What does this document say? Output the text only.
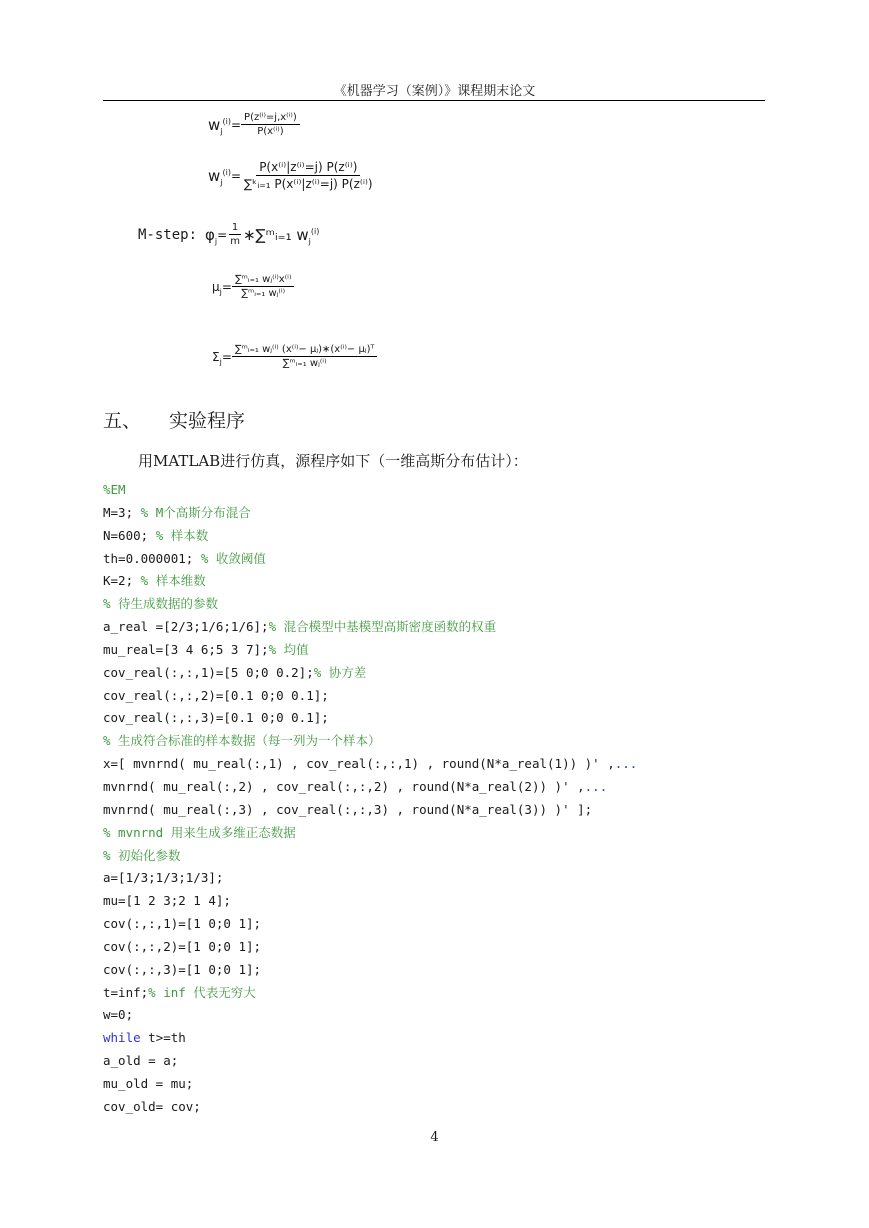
《机器学习（案例）》课程期末论文
$w_j^{(i)} = \frac{\text{P(z⁽ⁱ⁾=j,x⁽ⁱ⁾)}}{\text{P(x⁽ⁱ⁾)}}$
$w_j^{(i)} = \frac{\text{P(x⁽ⁱ⁾|z⁽ⁱ⁾=j) P(z⁽ⁱ⁾)}}{\text{∑ᵏᵢ₌₁ P(x⁽ⁱ⁾|z⁽ⁱ⁾=j) P(z⁽ⁱ⁾)}}$
M-step: $\varphi_j = \frac{1}{m}$ ∗∑ᵐᵢ₌₁ $w_j^{(i)}$
$\mu_j = \frac{\text{∑ᵐᵢ₌₁ wⱼ⁽ⁱ⁾x⁽ⁱ⁾}}{\text{∑ᵐᵢ₌₁ wⱼ⁽ⁱ⁾}}$
$\Sigma_j = \frac{\text{∑ᵐᵢ₌₁ wⱼ⁽ⁱ⁾ (x⁽ⁱ⁾− μⱼ)∗(x⁽ⁱ⁾− μⱼ)ᵀ}}{\text{∑ᵐᵢ₌₁ wⱼ⁽ⁱ⁾}}$
五、 实验程序
用MATLAB进行仿真，源程序如下（一维高斯分布估计）：
%EM
M=3; % M个高斯分布混合
N=600; % 样本数
th=0.000001; % 收敛阈值
K=2; % 样本维数
% 待生成数据的参数
a_real =[2/3;1/6;1/6];% 混合模型中基模型高斯密度函数的权重
mu_real=[3 4 6;5 3 7];% 均值
cov_real(:,:,1)=[5 0;0 0.2];% 协方差
cov_real(:,:,2)=[0.1 0;0 0.1];
cov_real(:,:,3)=[0.1 0;0 0.1];
% 生成符合标准的样本数据（每一列为一个样本）
x=[ mvnrnd( mu_real(:,1) , cov_real(:,:,1) , round(N*a_real(1)) )' ,...
mvnrnd( mu_real(:,2) , cov_real(:,:,2) , round(N*a_real(2)) )' ,...
mvnrnd( mu_real(:,3) , cov_real(:,:,3) , round(N*a_real(3)) )' ];
% mvnrnd 用来生成多维正态数据
% 初始化参数
a=[1/3;1/3;1/3];
mu=[1 2 3;2 1 4];
cov(:,:,1)=[1 0;0 1];
cov(:,:,2)=[1 0;0 1];
cov(:,:,3)=[1 0;0 1];
t=inf;% inf 代表无穷大
w=0;
while t>=th
a_old = a;
mu_old = mu;
cov_old= cov;
4
